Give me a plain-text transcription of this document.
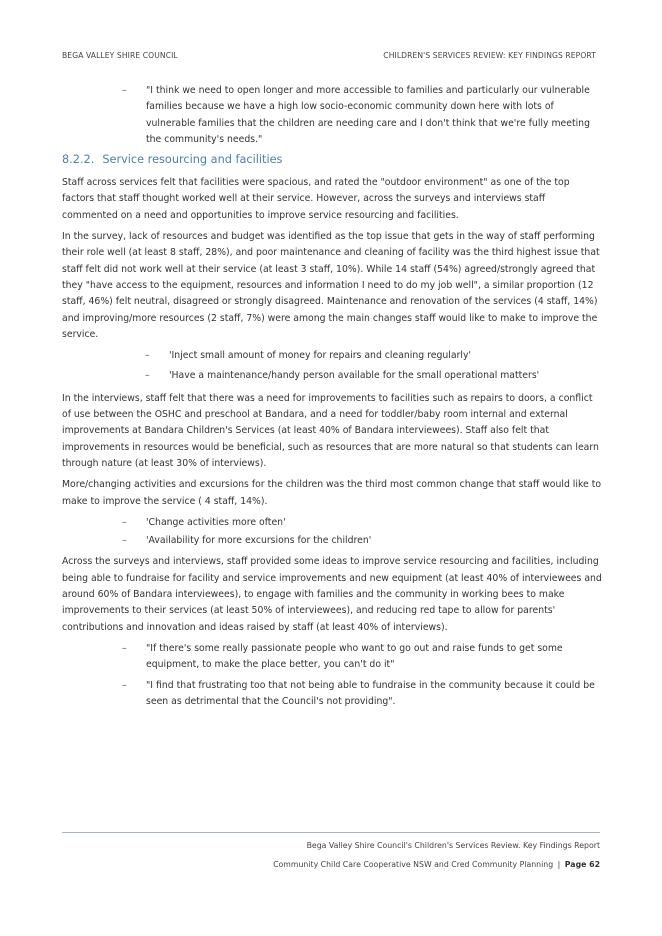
BEGA VALLEY SHIRE COUNCIL	CHILDREN'S SERVICES REVIEW: KEY FINDINGS REPORT
– "I think we need to open longer and more accessible to families and particularly our vulnerable families because we have a high low socio-economic community down here with lots of vulnerable families that the children are needing care and I don't think that we're fully meeting the community's needs."
8.2.2. Service resourcing and facilities

Staff across services felt that facilities were spacious, and rated the "outdoor environment" as one of the top factors that staff thought worked well at their service. However, across the surveys and interviews staff commented on a need and opportunities to improve service resourcing and facilities.

In the survey, lack of resources and budget was identified as the top issue that gets in the way of staff performing their role well (at least 8 staff, 28%), and poor maintenance and cleaning of facility was the third highest issue that staff felt did not work well at their service (at least 3 staff, 10%). While 14 staff (54%) agreed/strongly agreed that they "have access to the equipment, resources and information I need to do my job well", a similar proportion (12 staff, 46%) felt neutral, disagreed or strongly disagreed. Maintenance and renovation of the services (4 staff, 14%) and improving/more resources (2 staff, 7%) were among the main changes staff would like to make to improve the service.

– 'Inject small amount of money for repairs and cleaning regularly'
– 'Have a maintenance/handy person available for the small operational matters'

In the interviews, staff felt that there was a need for improvements to facilities such as repairs to doors, a conflict of use between the OSHC and preschool at Bandara, and a need for toddler/baby room internal and external improvements at Bandara Children's Services (at least 40% of Bandara interviewees). Staff also felt that improvements in resources would be beneficial, such as resources that are more natural so that students can learn through nature (at least 30% of interviews).

More/changing activities and excursions for the children was the third most common change that staff would like to make to improve the service ( 4 staff, 14%).

– 'Change activities more often'
– 'Availability for more excursions for the children'

Across the surveys and interviews, staff provided some ideas to improve service resourcing and facilities, including being able to fundraise for facility and service improvements and new equipment (at least 40% of interviewees and around 60% of Bandara interviewees), to engage with families and the community in working bees to make improvements to their services (at least 50% of interviewees), and reducing red tape to allow for parents' contributions and innovation and ideas raised by staff (at least 40% of interviews).

– "If there's some really passionate people who want to go out and raise funds to get some equipment, to make the place better, you can't do it"
– "I find that frustrating too that not being able to fundraise in the community because it could be seen as detrimental that the Council's not providing".
Bega Valley Shire Council's Children's Services Review. Key Findings Report
Community Child Care Cooperative NSW and Cred Community Planning | Page 62
